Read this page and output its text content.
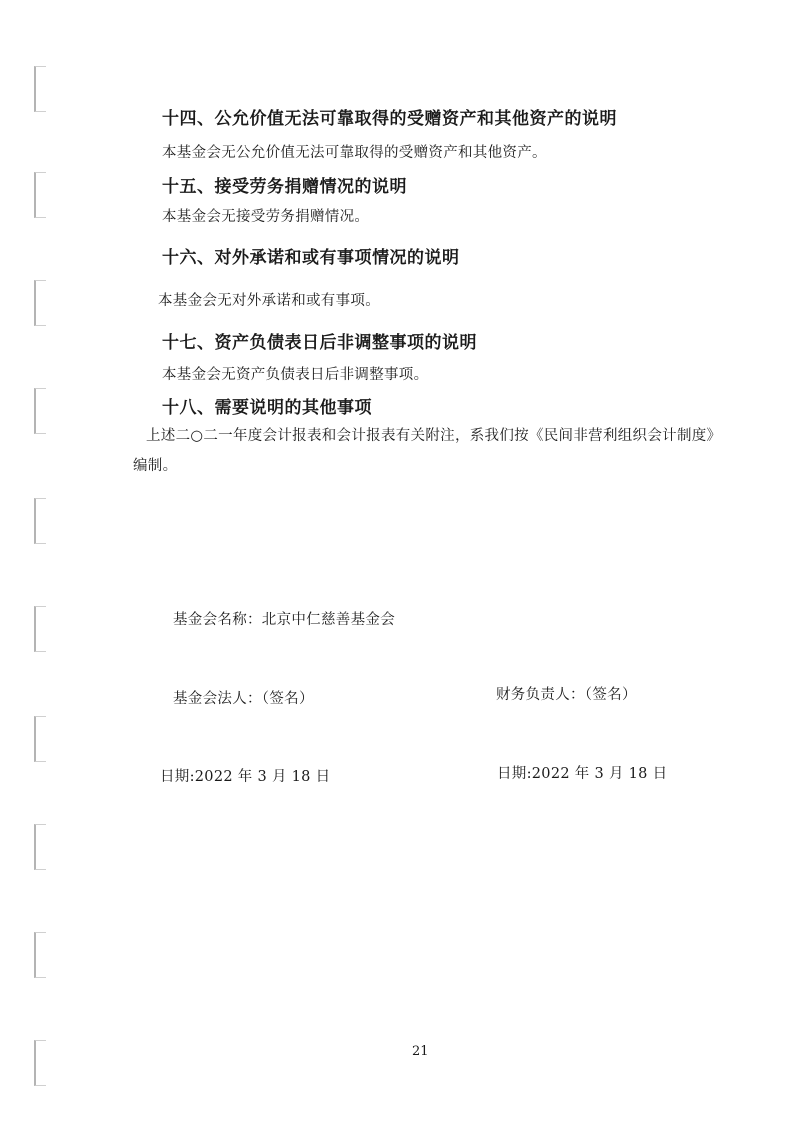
十四、公允价值无法可靠取得的受赠资产和其他资产的说明
本基金会无公允价值无法可靠取得的受赠资产和其他资产。
十五、接受劳务捐赠情况的说明
本基金会无接受劳务捐赠情况。
十六、对外承诺和或有事项情况的说明
本基金会无对外承诺和或有事项。
十七、资产负债表日后非调整事项的说明
本基金会无资产负债表日后非调整事项。
十八、需要说明的其他事项
上述二○二一年度会计报表和会计报表有关附注，系我们按《民间非营利组织会计制度》
编制。
基金会名称：北京中仁慈善基金会
基金会法人：（签名）	财务负责人：（签名）
日期:2022 年 3 月 18 日	日期:2022 年 3 月 18 日
21
